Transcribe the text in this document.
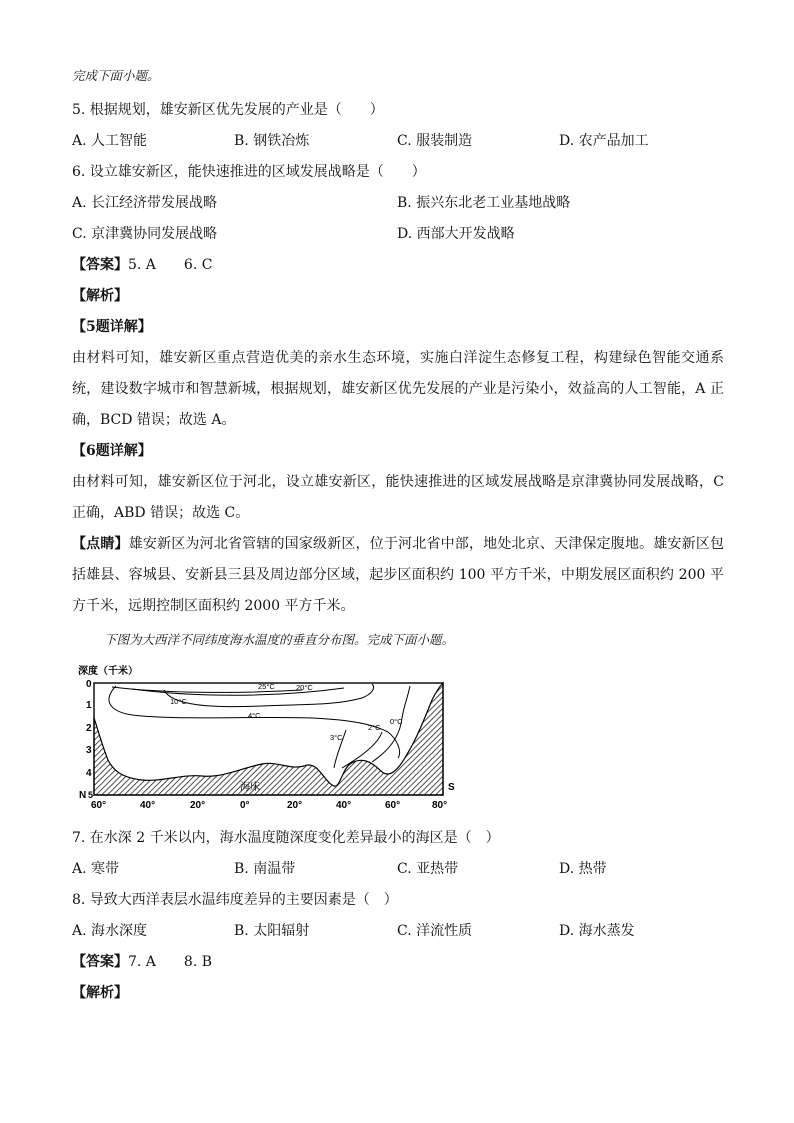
完成下面小题。
5. 根据规划，雄安新区优先发展的产业是（　　）
A. 人工智能	B. 钢铁冶炼	C. 服装制造	D. 农产品加工
6. 设立雄安新区，能快速推进的区域发展战略是（　　）
A. 长江经济带发展战略	B. 振兴东北老工业基地战略
C. 京津冀协同发展战略	D. 西部大开发战略
【答案】5. A　　6. C
【解析】
【5题详解】
由材料可知，雄安新区重点营造优美的亲水生态环境，实施白洋淀生态修复工程，构建绿色智能交通系统，建设数字城市和智慧新城，根据规划，雄安新区优先发展的产业是污染小，效益高的人工智能，A 正确，BCD 错误；故选 A。
【6题详解】
由材料可知，雄安新区位于河北，设立雄安新区，能快速推进的区域发展战略是京津冀协同发展战略，C 正确，ABD 错误；故选 C。
【点睛】雄安新区为河北省管辖的国家级新区，位于河北省中部，地处北京、天津保定腹地。雄安新区包括雄县、容城县、安新县三县及周边部分区域，起步区面积约 100 平方千米，中期发展区面积约 200 平方千米，远期控制区面积约 2000 平方千米。
下图为大西洋不同纬度海水温度的垂直分布图。完成下面小题。
25°C	20°C
10°C
4°C
3°C
2°C
0°C
海床
深度（千米）
0
1
2
3
4
5
N
S
60°	40°	20°	0°	20°	40°	60°	80°
7. 在水深 2 千米以内，海水温度随深度变化差异最小的海区是（　）
A. 寒带	B. 南温带	C. 亚热带	D. 热带
8. 导致大西洋表层水温纬度差异的主要因素是（　）
A. 海水深度	B. 太阳辐射	C. 洋流性质	D. 海水蒸发
【答案】7. A　　8. B
【解析】
